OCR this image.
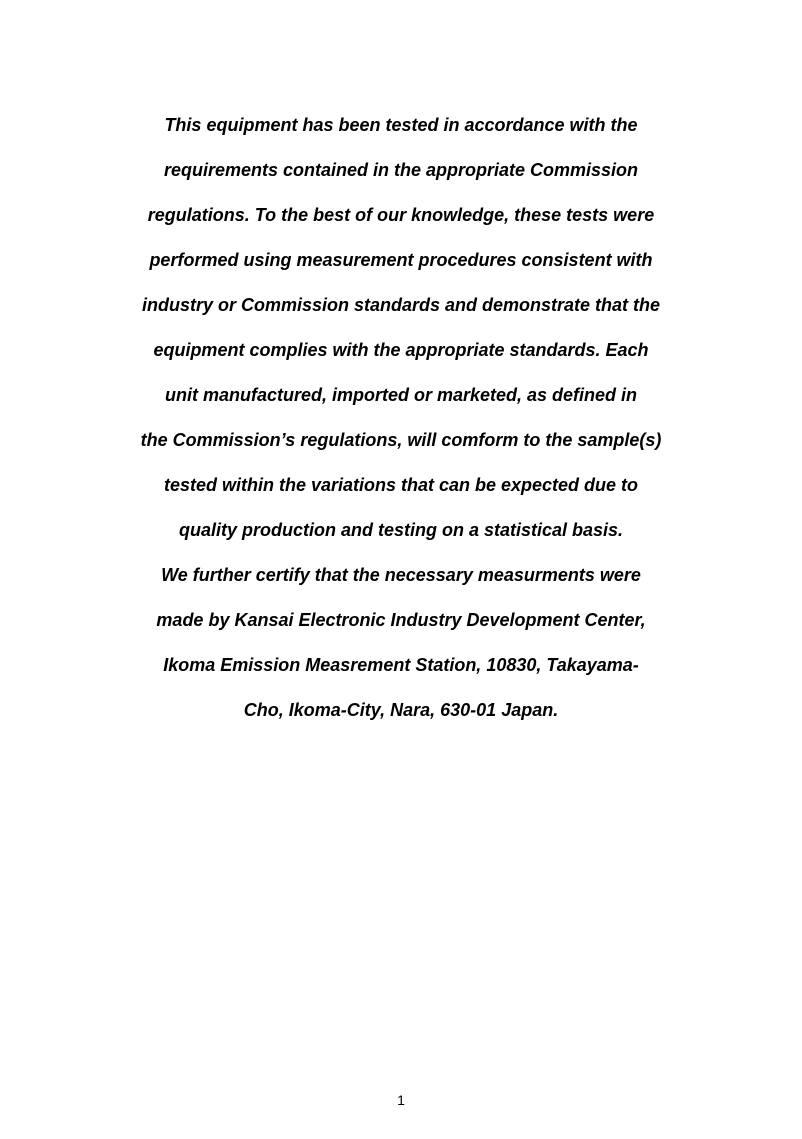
This equipment has been tested in accordance with the
requirements contained in the appropriate Commission
regulations. To the best of our knowledge, these tests were
performed using measurement procedures consistent with
industry or Commission standards and demonstrate that the
equipment complies with the appropriate standards. Each
unit manufactured, imported or marketed, as defined in
the Commission’s regulations, will comform to the sample(s)
tested within the variations that can be expected due to
quality production and testing on a statistical basis.
We further certify that the necessary measurments were
made by Kansai Electronic Industry Development Center,
Ikoma Emission Measrement Station, 10830, Takayama-
Cho, Ikoma-City, Nara, 630-01 Japan.
1
